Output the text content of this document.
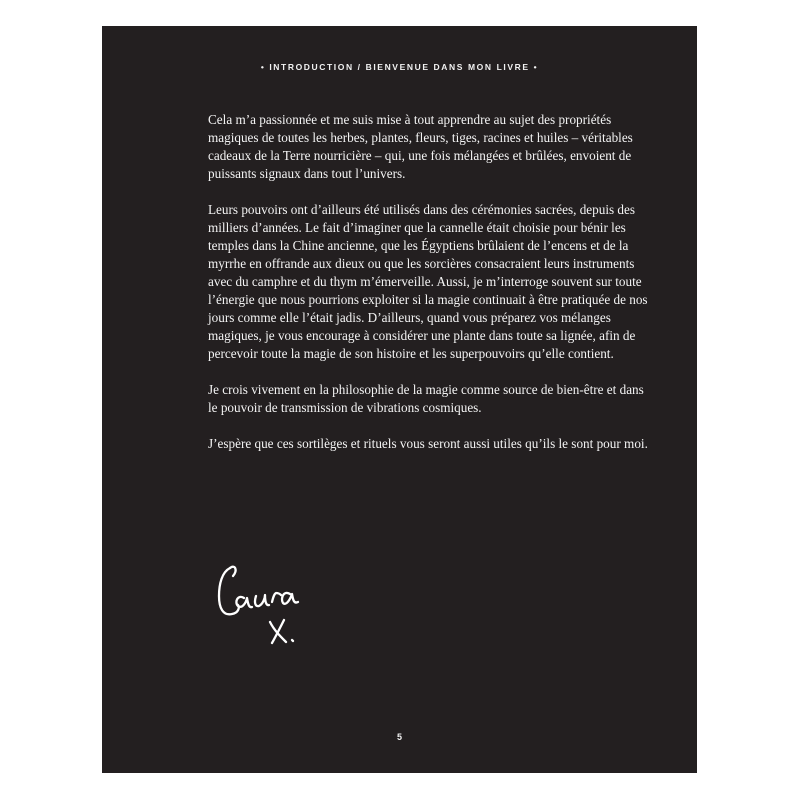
• INTRODUCTION / BIENVENUE DANS MON LIVRE •

Cela m’a passionnée et me suis mise à tout apprendre au sujet des propriétés magiques de toutes les herbes, plantes, fleurs, tiges, racines et huiles – véritables cadeaux de la Terre nourricière – qui, une fois mélangées et brûlées, envoient de puissants signaux dans tout l’univers.

Leurs pouvoirs ont d’ailleurs été utilisés dans des cérémonies sacrées, depuis des milliers d’années. Le fait d’imaginer que la cannelle était choisie pour bénir les temples dans la Chine ancienne, que les Égyptiens brûlaient de l’encens et de la myrrhe en offrande aux dieux ou que les sorcières consacraient leurs instruments avec du camphre et du thym m’émerveille. Aussi, je m’interroge souvent sur toute l’énergie que nous pourrions exploiter si la magie continuait à être pratiquée de nos jours comme elle l’était jadis. D’ailleurs, quand vous préparez vos mélanges magiques, je vous encourage à considérer une plante dans toute sa lignée, afin de percevoir toute la magie de son histoire et les superpouvoirs qu’elle contient.

Je crois vivement en la philosophie de la magie comme source de bien-être et dans le pouvoir de transmission de vibrations cosmiques.

J’espère que ces sortilèges et rituels vous seront aussi utiles qu’ils le sont pour moi.

5
